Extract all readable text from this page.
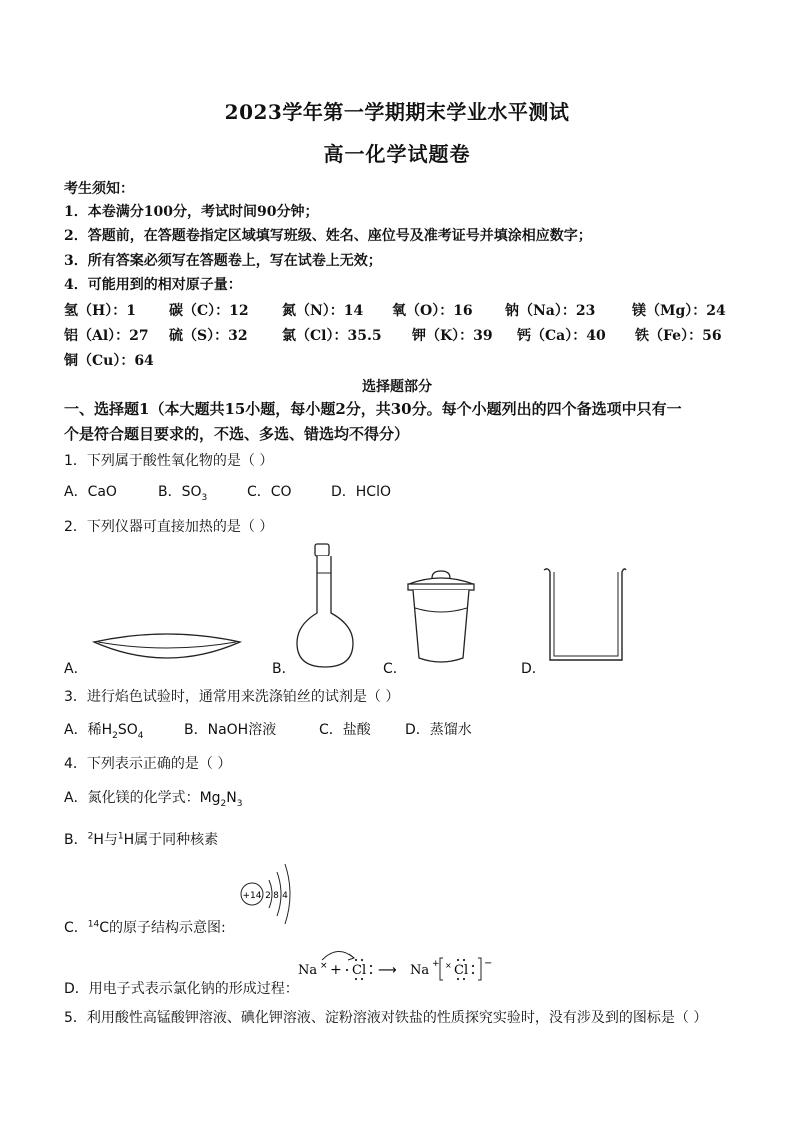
2023学年第一学期期末学业水平测试
高一化学试题卷
考生须知：
1．本卷满分100分，考试时间90分钟；
2．答题前，在答题卷指定区域填写班级、姓名、座位号及准考证号并填涂相应数字；
3．所有答案必须写在答题卷上，写在试卷上无效；
4．可能用到的相对原子量：
氢（H）：1 碳（C）：12 氮（N）：14 氧（O）：16 钠（Na）：23	镁（Mg）：24
铝（Al）：27 硫（S）：32 氯（Cl）：35.5 钾（K）：39 钙（Ca）：40 铁（Fe）：56
铜（Cu）：64
选择题部分
一、选择题1（本大题共15小题，每小题2分，共30分。每个小题列出的四个备选项中只有一
个是符合题目要求的，不选、多选、错选均不得分）
1．下列属于酸性氧化物的是（ ）
A．CaO	B．$SO_3$	C．CO	D．HClO
2．下列仪器可直接加热的是（ ）
A．	B．	C．	D．
3．进行焰色试验时，通常用来洗涤铂丝的试剂是（ ）
A．稀$H_2SO_4$	B．NaOH溶液	C．盐酸 D．蒸馏水
4．下列表示正确的是（ ）
A．氮化镁的化学式：$Mg_2N_3$
B．$^2$H与$^1$H属于同种核素
C．$^{14}$C的原子结构示意图:
+14 2 8 4
D．用电子式表示氯化钠的形成过程：
Na × + Cl ⟶ Na + × Cl −
5．利用酸性高锰酸钾溶液、碘化钾溶液、淀粉溶液对铁盐的性质探究实验时，没有涉及到的图标是（ ）
